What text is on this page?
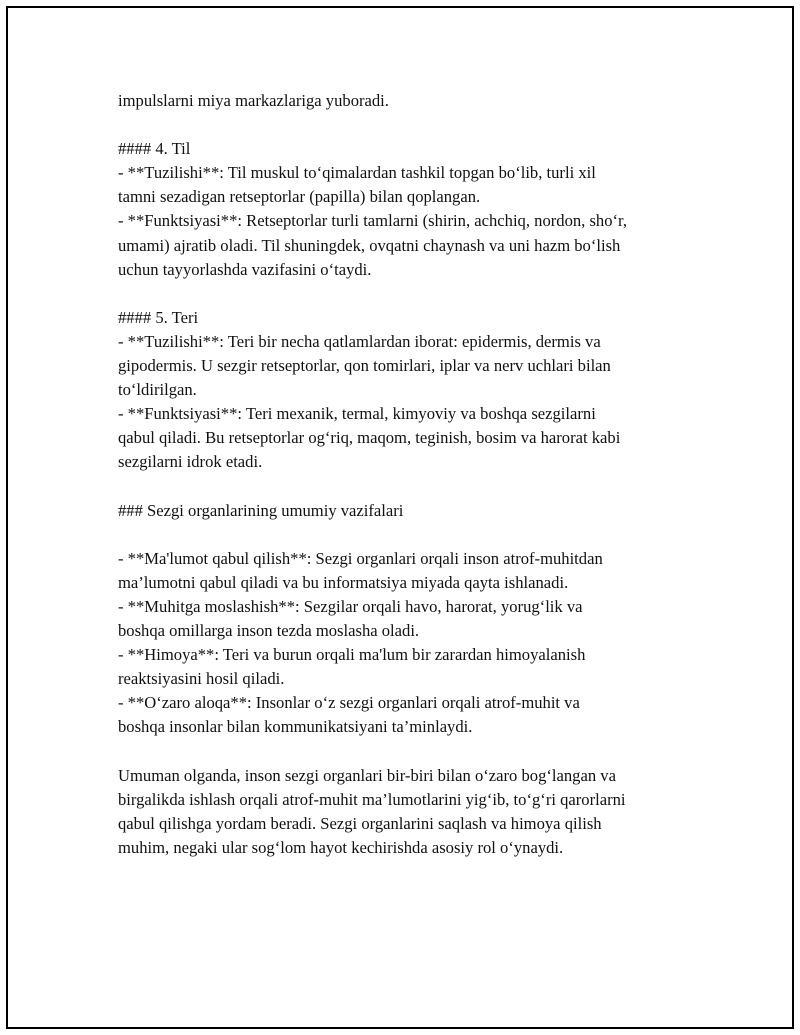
impulslarni miya markazlariga yuboradi.
#### 4. Til
- **Tuzilishi**: Til muskul to‘qimalardan tashkil topgan bo‘lib, turli xil
tamni sezadigan retseptorlar (papilla) bilan qoplangan.
- **Funktsiyasi**: Retseptorlar turli tamlarni (shirin, achchiq, nordon, sho‘r,
umami) ajratib oladi. Til shuningdek, ovqatni chaynash va uni hazm bo‘lish
uchun tayyorlashda vazifasini o‘taydi.
#### 5. Teri
- **Tuzilishi**: Teri bir necha qatlamlardan iborat: epidermis, dermis va
gipodermis. U sezgir retseptorlar, qon tomirlari, iplar va nerv uchlari bilan
to‘ldirilgan.
- **Funktsiyasi**: Teri mexanik, termal, kimyoviy va boshqa sezgilarni
qabul qiladi. Bu retseptorlar og‘riq, maqom, teginish, bosim va harorat kabi
sezgilarni idrok etadi.
### Sezgi organlarining umumiy vazifalari
- **Ma'lumot qabul qilish**: Sezgi organlari orqali inson atrof-muhitdan
ma’lumotni qabul qiladi va bu informatsiya miyada qayta ishlanadi.
- **Muhitga moslashish**: Sezgilar orqali havo, harorat, yorug‘lik va
boshqa omillarga inson tezda moslasha oladi.
- **Himoya**: Teri va burun orqali ma'lum bir zarardan himoyalanish
reaktsiyasini hosil qiladi.
- **O‘zaro aloqa**: Insonlar o‘z sezgi organlari orqali atrof-muhit va
boshqa insonlar bilan kommunikatsiyani ta’minlaydi.
Umuman olganda, inson sezgi organlari bir-biri bilan o‘zaro bog‘langan va
birgalikda ishlash orqali atrof-muhit ma’lumotlarini yig‘ib, to‘g‘ri qarorlarni
qabul qilishga yordam beradi. Sezgi organlarini saqlash va himoya qilish
muhim, negaki ular sog‘lom hayot kechirishda asosiy rol o‘ynaydi.
